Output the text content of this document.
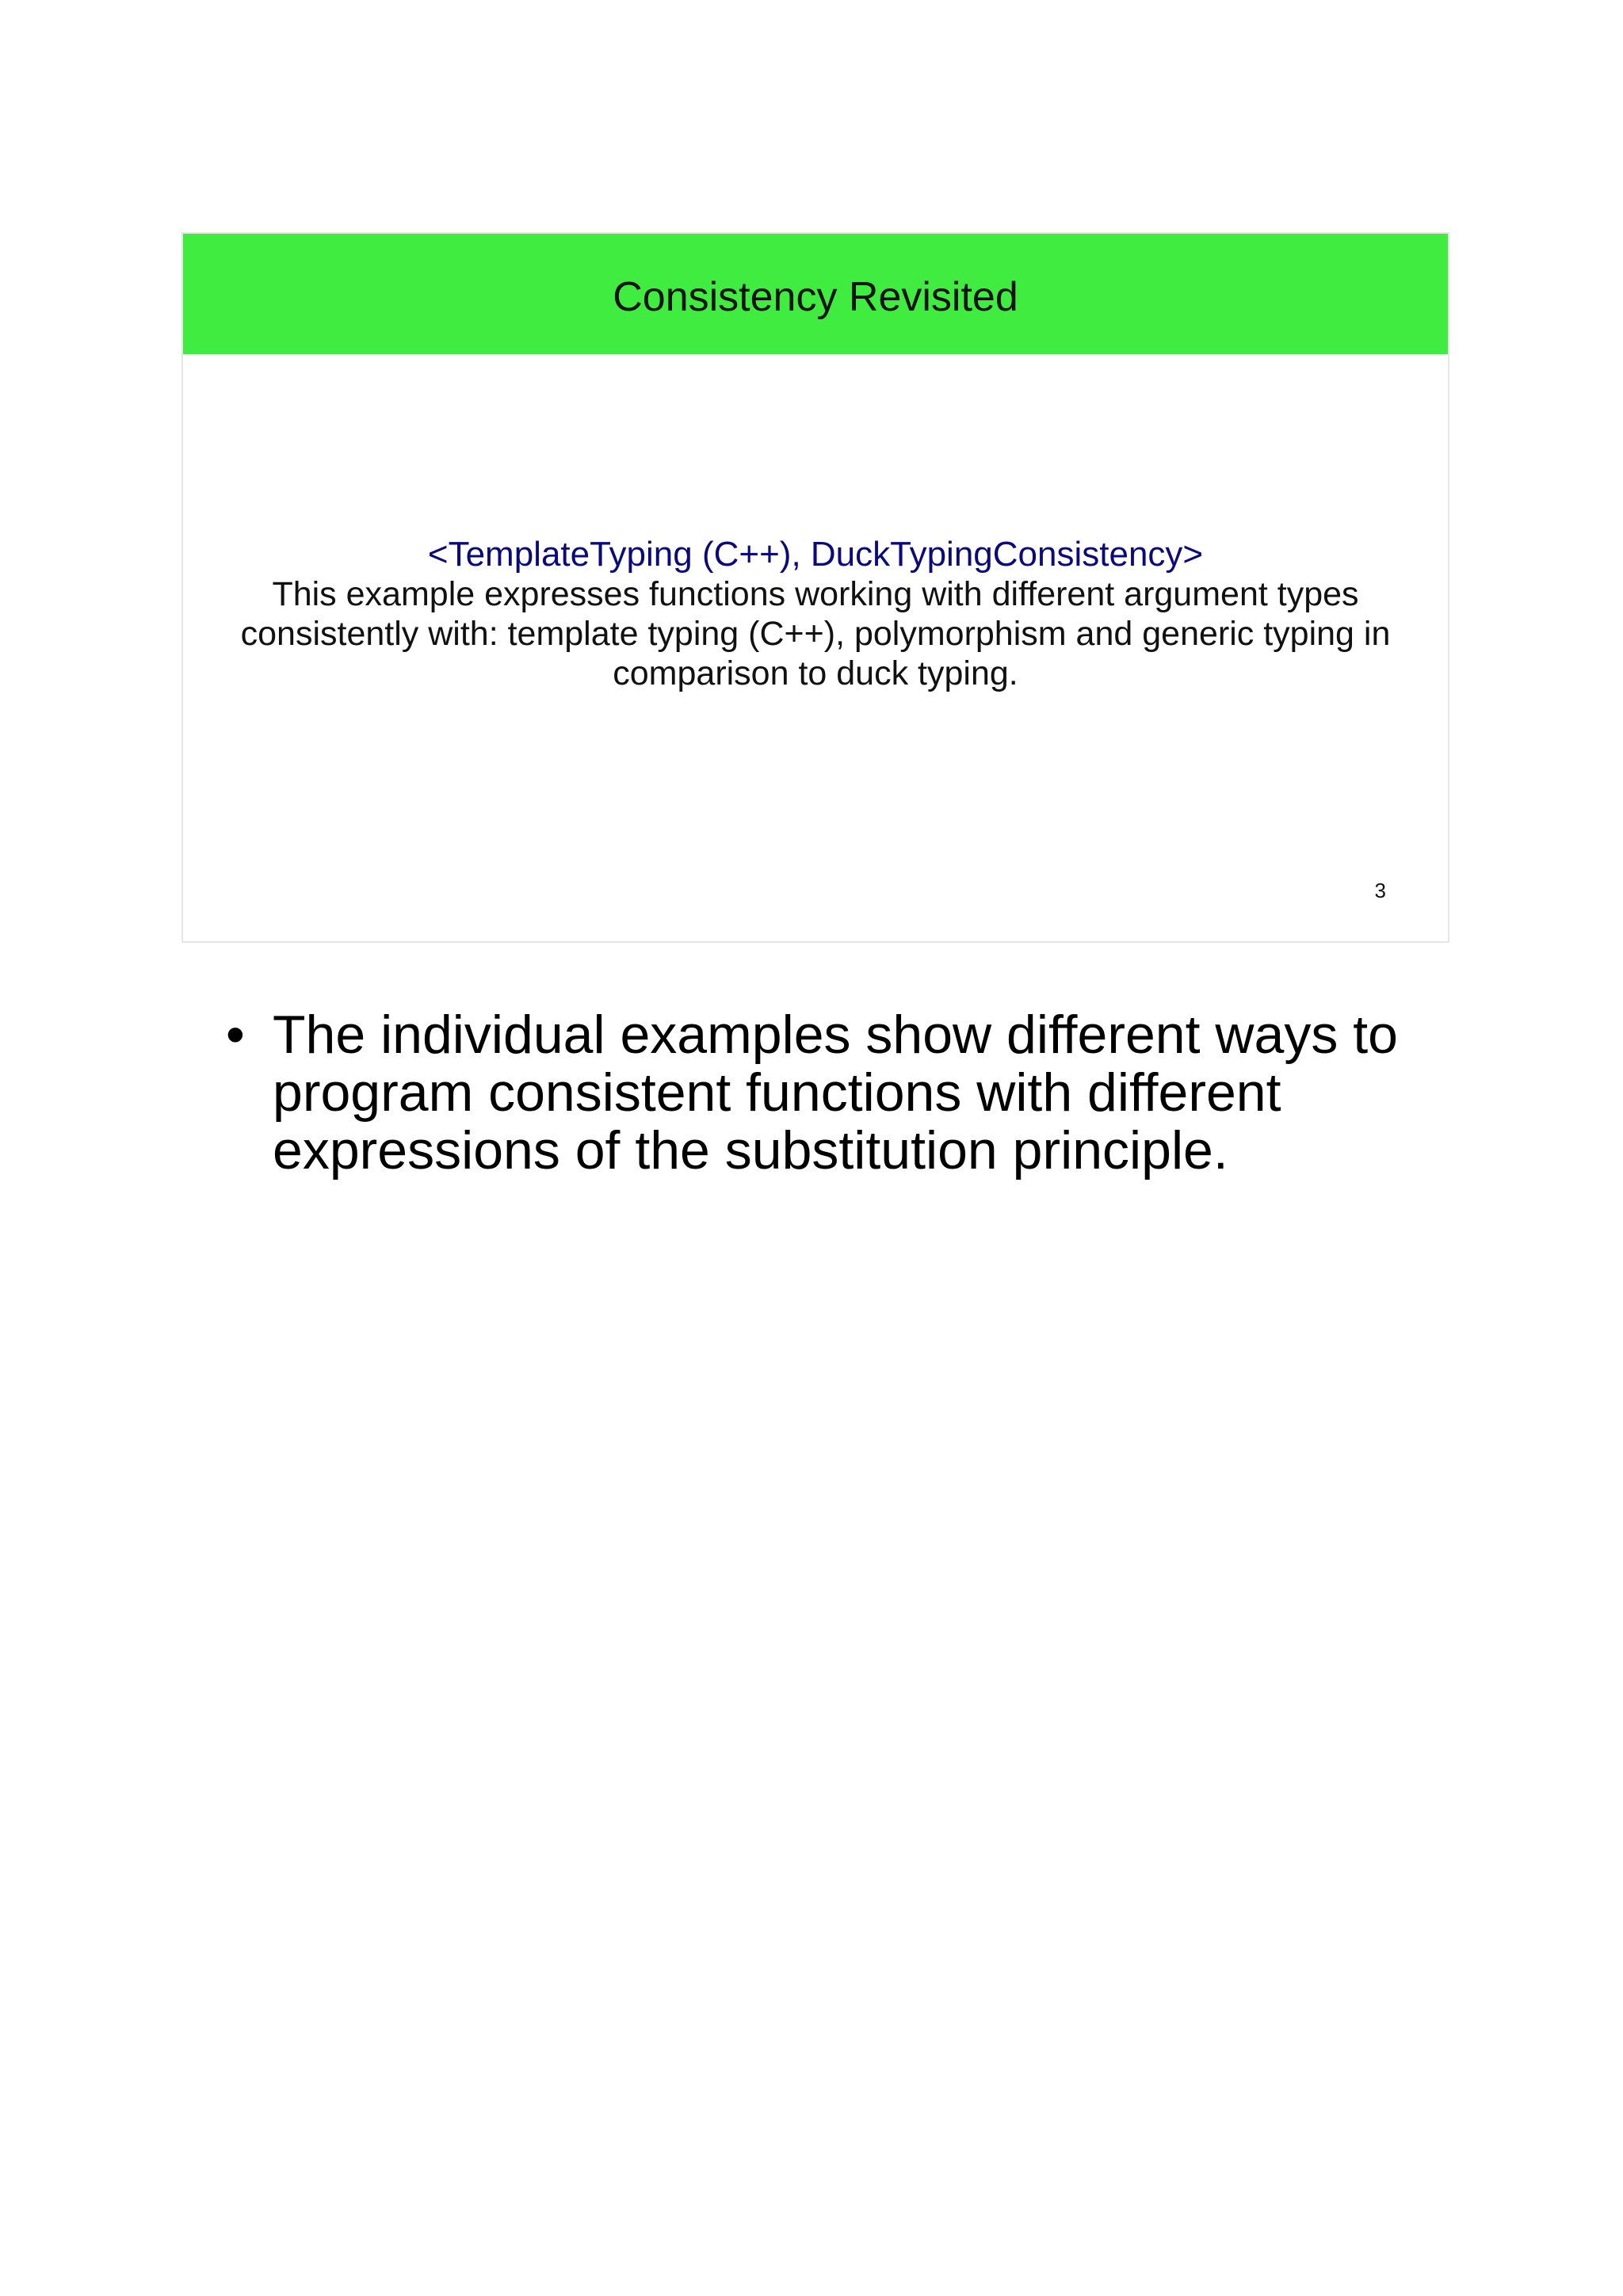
Consistency Revisited
<TemplateTyping (C++), DuckTypingConsistency>
This example expresses functions working with different argument types consistently with: template typing (C++), polymorphism and generic typing in comparison to duck typing.
3
• The individual examples show different ways to program consistent functions with different expressions of the substitution principle.
